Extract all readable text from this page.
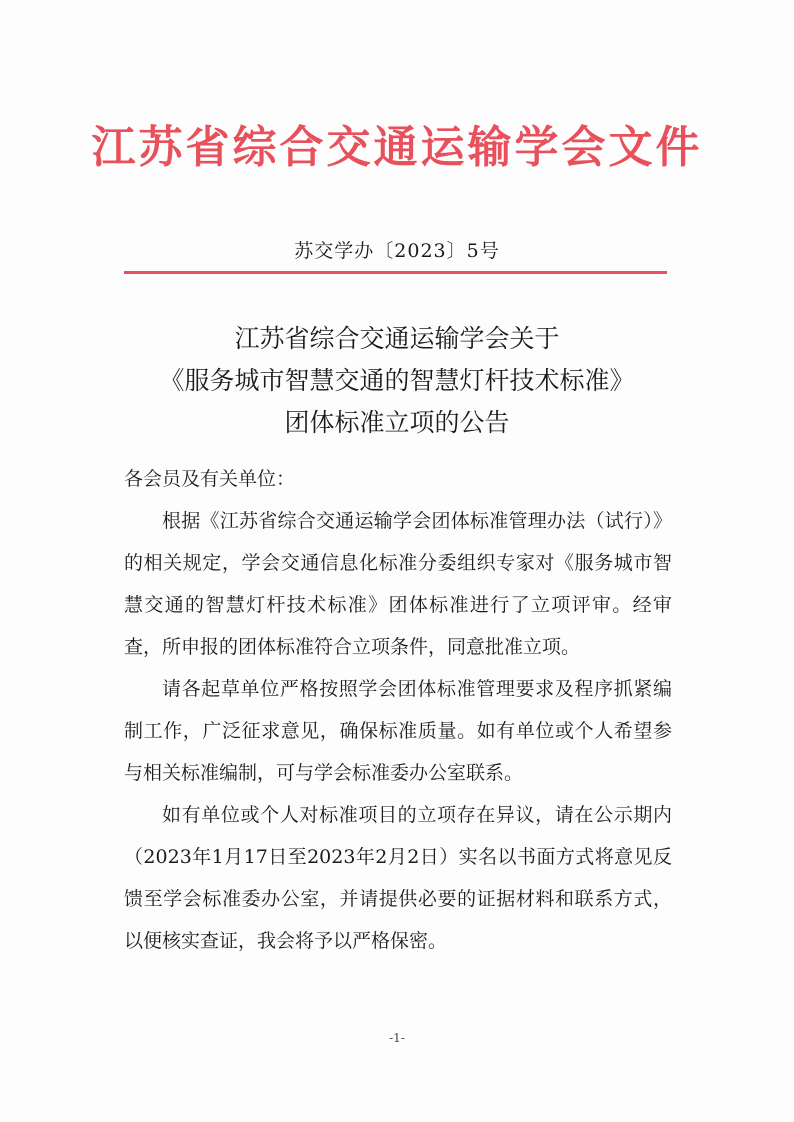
江苏省综合交通运输学会文件
苏交学办〔2023〕5号
江苏省综合交通运输学会关于
《服务城市智慧交通的智慧灯杆技术标准》
团体标准立项的公告

各会员及有关单位：

根据《江苏省综合交通运输学会团体标准管理办法（试行）》的相关规定，学会交通信息化标准分委组织专家对《服务城市智慧交通的智慧灯杆技术标准》团体标准进行了立项评审。经审查，所申报的团体标准符合立项条件，同意批准立项。

请各起草单位严格按照学会团体标准管理要求及程序抓紧编制工作，广泛征求意见，确保标准质量。如有单位或个人希望参与相关标准编制，可与学会标准委办公室联系。

如有单位或个人对标准项目的立项存在异议，请在公示期内（2023年1月17日至2023年2月2日）实名以书面方式将意见反馈至学会标准委办公室，并请提供必要的证据材料和联系方式，以便核实查证，我会将予以严格保密。

-1-
